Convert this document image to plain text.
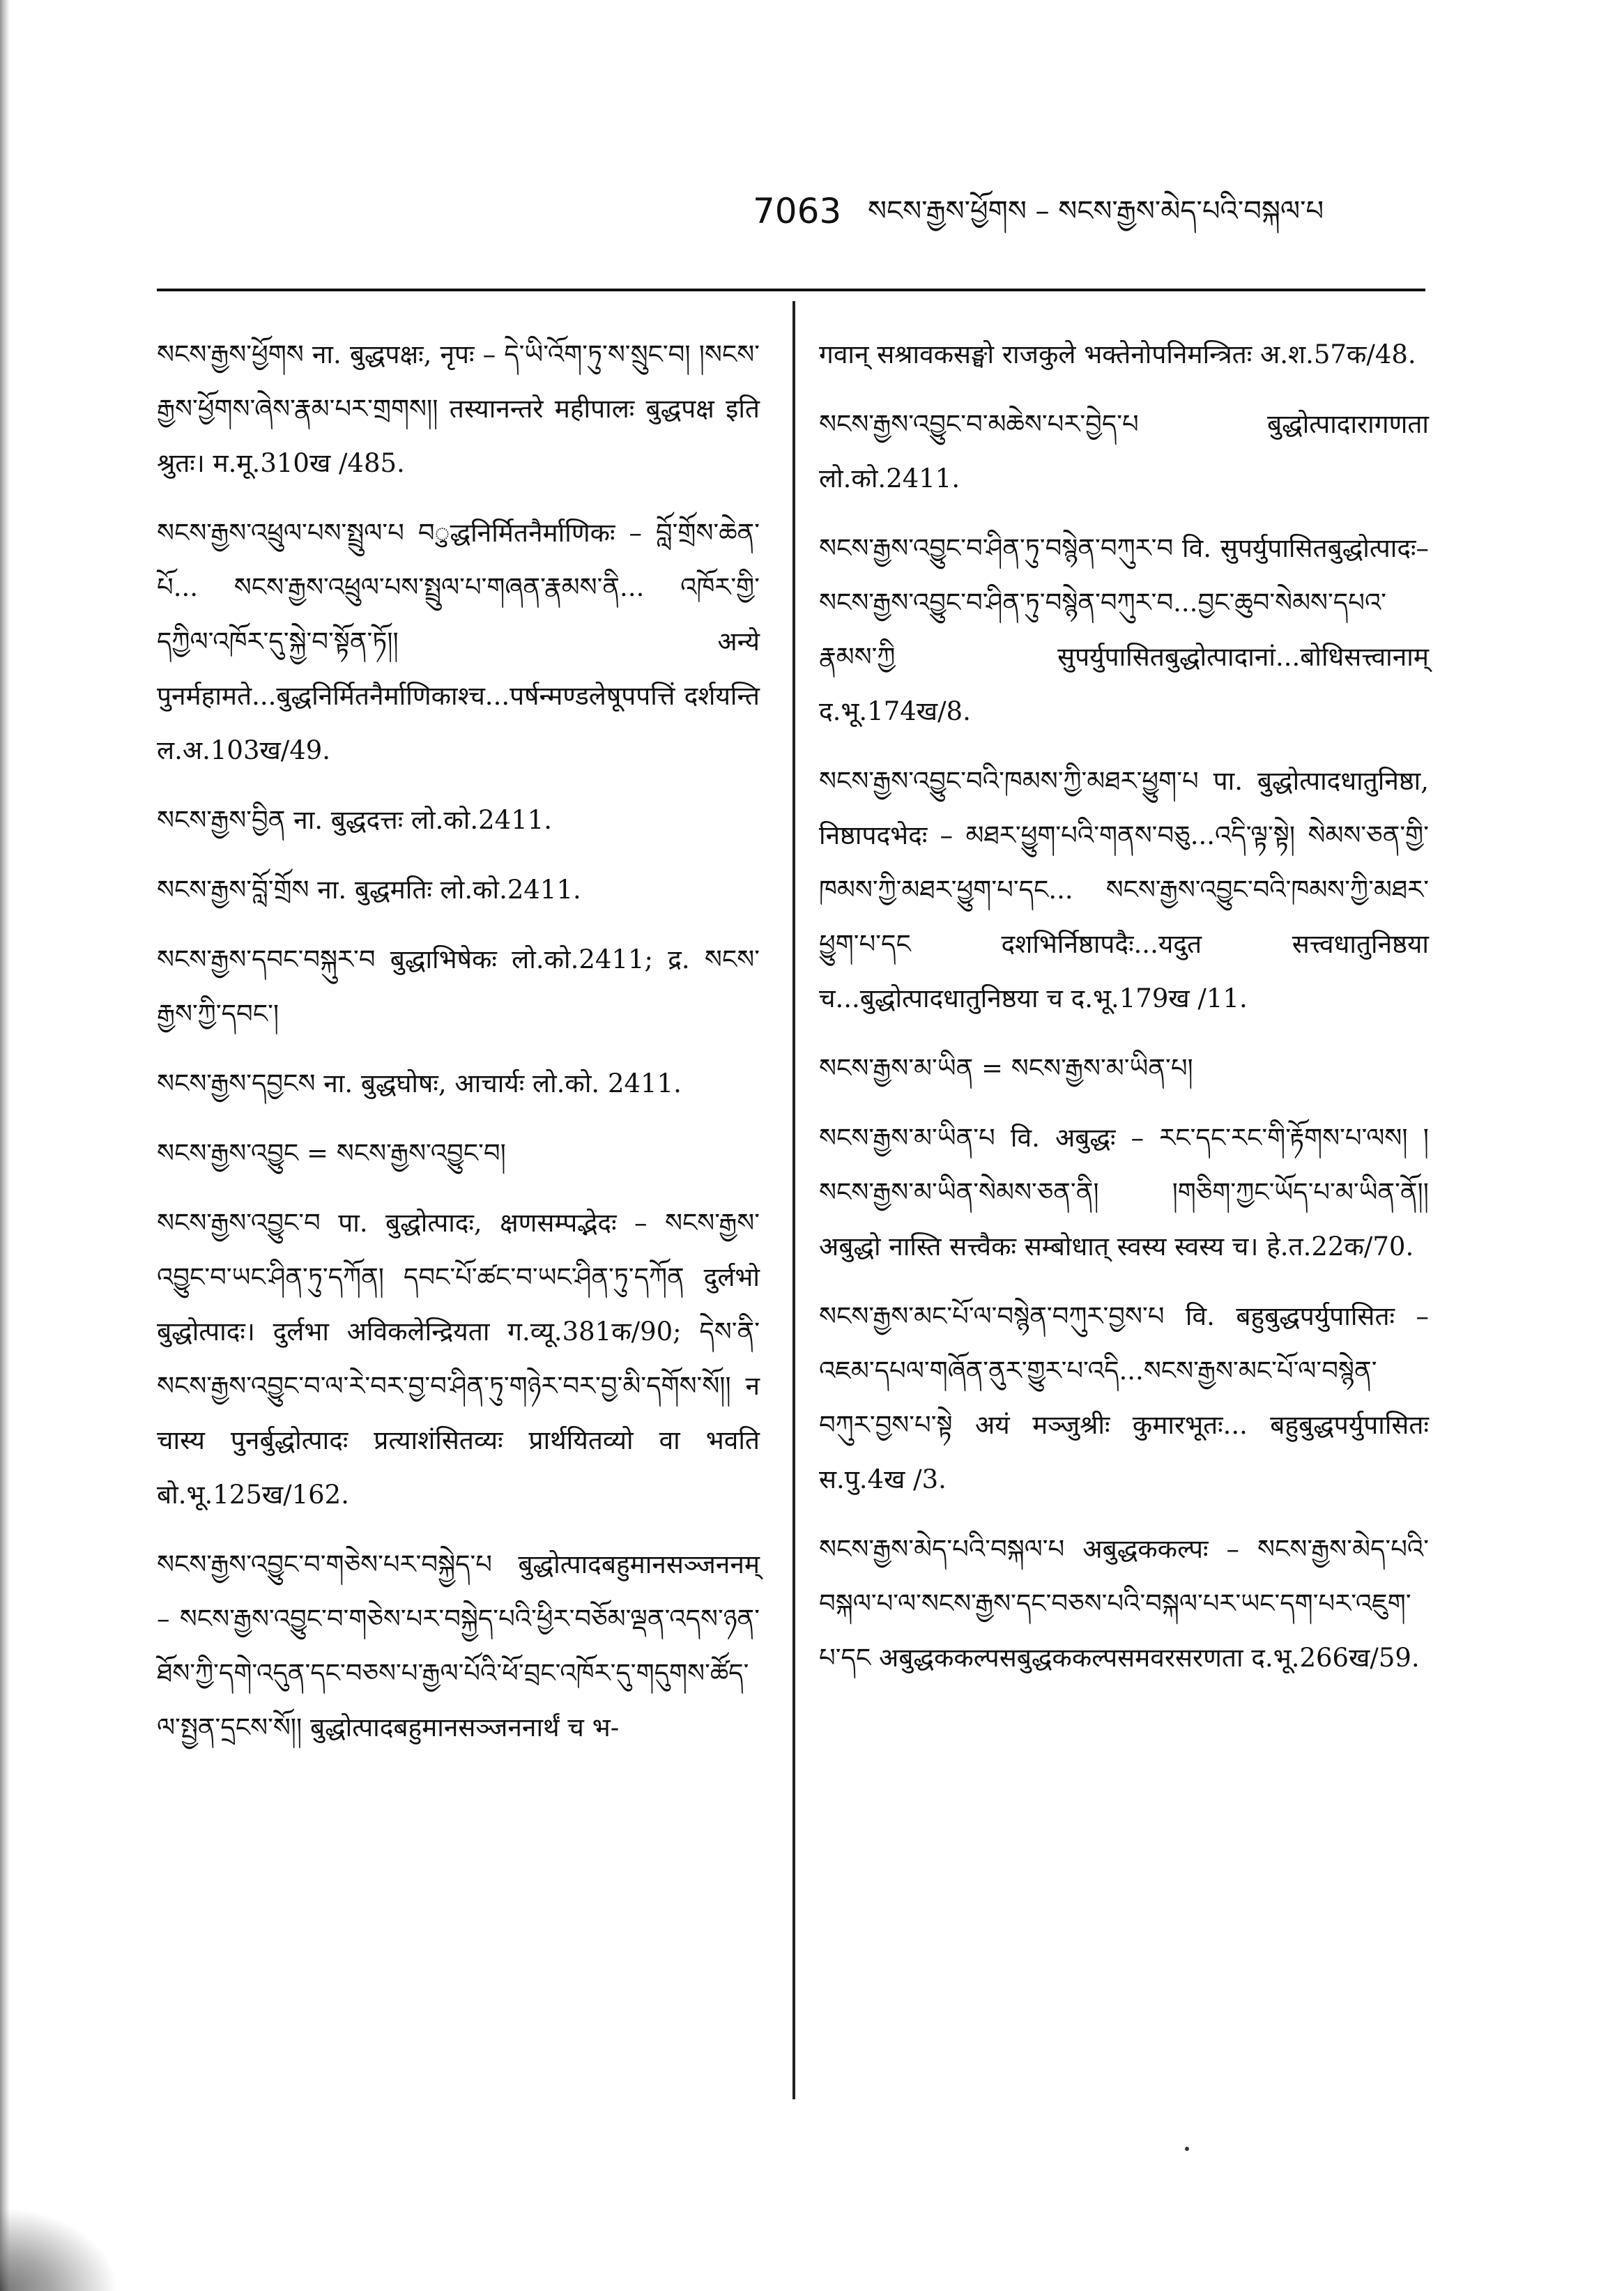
7063 སངས་རྒྱས་ཕྱོགས – སངས་རྒྱས་མེད་པའི་བསྐལ་པ

སངས་རྒྱས་ཕྱོགས ना. बुद्धपक्षः, नृपः – དེ་ཡི་འོག་ཏུ་ས་སྲུང་བ། །སངས་རྒྱས་ཕྱོགས་ཞེས་རྣམ་པར་གྲགས།། तस्यानन्तरे महीपालः बुद्धपक्ष इति श्रुतः। म.मू.310ख /485.

སངས་རྒྱས་འཕྲུལ་པས་སྤྲུལ་པ བुद्धनिर्मितनैर्माणिकः – བློ་གྲོས་ཆེན་པོ... སངས་རྒྱས་འཕྲུལ་པས་སྤྲུལ་པ་གཞན་རྣམས་ནི... འཁོར་གྱི་དཀྱིལ་འཁོར་དུ་སྐྱེ་བ་སྟོན་ཏོ།། अन्ये पुनर्महामते...बुद्धनिर्मितनैर्माणिकाश्च...पर्षन्मण्डलेषूपपत्तिं दर्शयन्ति ल.अ.103ख/49.

སངས་རྒྱས་བྱིན ना. बुद्धदत्तः लो.को.2411.

སངས་རྒྱས་བློ་གྲོས ना. बुद्धमतिः लो.को.2411.

སངས་རྒྱས་དབང་བསྐུར་བ बुद्धाभिषेकः लो.को.2411; द्र. སངས་རྒྱས་ཀྱི་དབང་།

སངས་རྒྱས་དབྱངས ना. बुद्धघोषः, आचार्यः लो.को. 2411.

སངས་རྒྱས་འབྱུང = སངས་རྒྱས་འབྱུང་བ།

སངས་རྒྱས་འབྱུང་བ पा. बुद्धोत्पादः, क्षणसम्पद्भेदः – སངས་རྒྱས་འབྱུང་བ་ཡང་ཤིན་ཏུ་དཀོན། དབང་པོ་ཚང་བ་ཡང་ཤིན་ཏུ་དཀོན दुर्लभो बुद्धोत्पादः। दुर्लभा अविकलेन्द्रियता ग.व्यू.381क/90; དེས་ནི་སངས་རྒྱས་འབྱུང་བ་ལ་རེ་བར་བྱ་བ་ཤིན་ཏུ་གཉེར་བར་བྱ་མི་དགོས་སོ།། न चास्य पुनर्बुद्धोत्पादः प्रत्याशंसितव्यः प्रार्थयितव्यो वा भवति बो.भू.125ख/162.

སངས་རྒྱས་འབྱུང་བ་གཅེས་པར་བསྐྱེད་པ बुद्धोत्पादबहुमानसञ्जननम् – སངས་རྒྱས་འབྱུང་བ་གཅེས་པར་བསྐྱེད་པའི་ཕྱིར་བཅོམ་ལྡན་འདས་ཉན་ཐོས་ཀྱི་དགེ་འདུན་དང་བཅས་པ་རྒྱལ་པོའི་ཕོ་བྲང་འཁོར་དུ་གདུགས་ཚོད་ལ་སྤྱན་དྲངས་སོ།། बुद्धोत्पादबहुमानसञ्जननार्थं च भ-

गवान् सश्रावकसङ्घो राजकुले भक्तेनोपनिमन्त्रितः अ.श.57क/48.

སངས་རྒྱས་འབྱུང་བ་མཆེས་པར་བྱེད་པ बुद्धोत्पादारागणता लो.को.2411.

སངས་རྒྱས་འབྱུང་བ་ཤིན་ཏུ་བསྙེན་བཀུར་བ वि. सुपर्युपासितबुद्धोत्पादः– སངས་རྒྱས་འབྱུང་བ་ཤིན་ཏུ་བསྙེན་བཀུར་བ...བྱང་ཆུབ་སེམས་དཔའ་རྣམས་ཀྱི सुपर्युपासितबुद्धोत्पादानां...बोधिसत्त्वानाम् द.भू.174ख/8.

སངས་རྒྱས་འབྱུང་བའི་ཁམས་ཀྱི་མཐར་ཕྱུག་པ पा. बुद्धोत्पादधातुनिष्ठा, निष्ठापदभेदः – མཐར་ཕྱུག་པའི་གནས་བཅུ...འདི་ལྟ་སྟེ། སེམས་ཅན་གྱི་ཁམས་ཀྱི་མཐར་ཕྱུག་པ་དང... སངས་རྒྱས་འབྱུང་བའི་ཁམས་ཀྱི་མཐར་ཕྱུག་པ་དང दशभिर्निष्ठापदैः...यदुत सत्त्वधातुनिष्ठया च...बुद्धोत्पादधातुनिष्ठया च द.भू.179ख /11.

སངས་རྒྱས་མ་ཡིན = སངས་རྒྱས་མ་ཡིན་པ།

སངས་རྒྱས་མ་ཡིན་པ वि. अबुद्धः – རང་དང་རང་གི་རྟོགས་པ་ལས། །སངས་རྒྱས་མ་ཡིན་སེམས་ཅན་ནི། །གཅིག་ཀྱང་ཡོད་པ་མ་ཡིན་ནོ།། अबुद्धो नास्ति सत्त्वैकः सम्बोधात् स्वस्य स्वस्य च। हे.त.22क/70.

སངས་རྒྱས་མང་པོ་ལ་བསྙེན་བཀུར་བྱས་པ वि. बहुबुद्धपर्युपासितः – འཇམ་དཔལ་གཞོན་ནུར་གྱུར་པ་འདི...སངས་རྒྱས་མང་པོ་ལ་བསྙེན་བཀུར་བྱས་པ་སྟེ अयं मञ्जुश्रीः कुमारभूतः... बहुबुद्धपर्युपासितः स.पु.4ख /3.

སངས་རྒྱས་མེད་པའི་བསྐལ་པ अबुद्धककल्पः – སངས་རྒྱས་མེད་པའི་བསྐལ་པ་ལ་སངས་རྒྱས་དང་བཅས་པའི་བསྐལ་པར་ཡང་དག་པར་འཇུག་པ་དང अबुद्धककल्पसबुद्धककल्पसमवरसरणता द.भू.266ख/59.
